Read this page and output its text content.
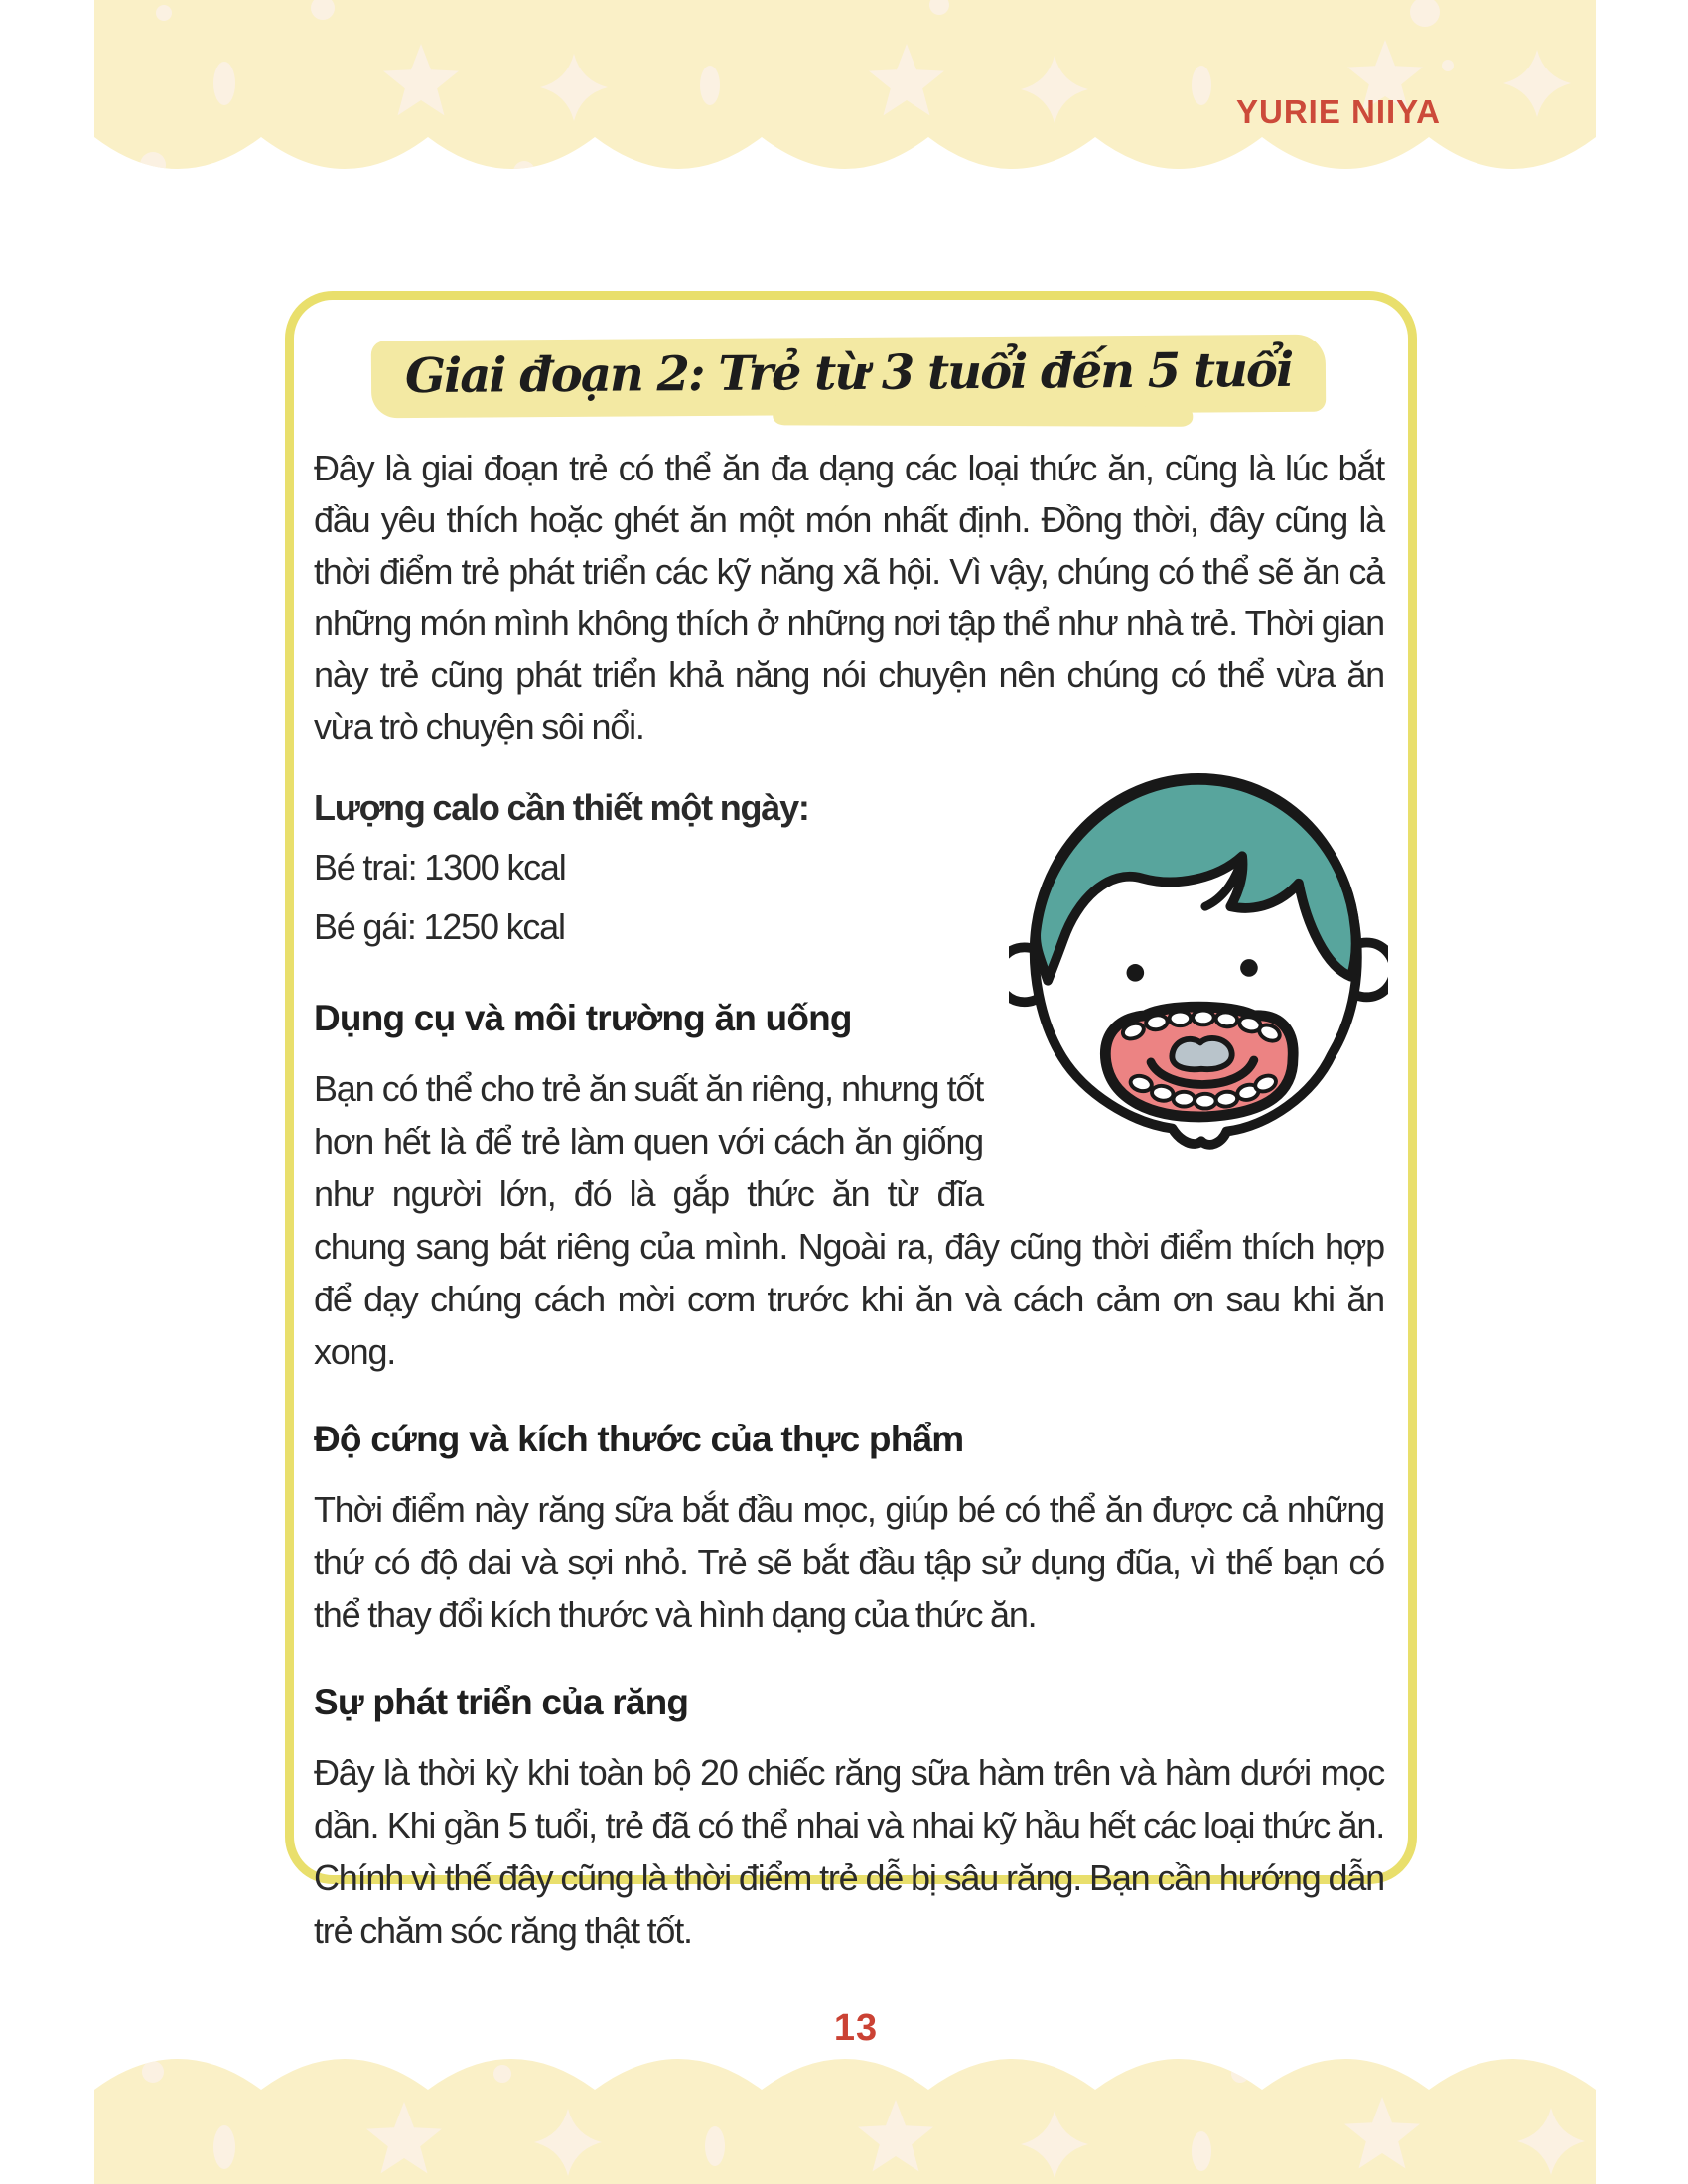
YURIE NIIYA
Giai đoạn 2: Trẻ từ 3 tuổi đến 5 tuổi

Đây là giai đoạn trẻ có thể ăn đa dạng các loại thức ăn, cũng là lúc bắt đầu yêu thích hoặc ghét ăn một món nhất định. Đồng thời, đây cũng là thời điểm trẻ phát triển các kỹ năng xã hội. Vì vậy, chúng có thể sẽ ăn cả những món mình không thích ở những nơi tập thể như nhà trẻ. Thời gian này trẻ cũng phát triển khả năng nói chuyện nên chúng có thể vừa ăn vừa trò chuyện sôi nổi.

Lượng calo cần thiết một ngày:

Bé trai: 1300 kcal

Bé gái: 1250 kcal

Dụng cụ và môi trường ăn uống

Bạn có thể cho trẻ ăn suất ăn riêng, nhưng tốt hơn hết là để trẻ làm quen với cách ăn giống như người lớn, đó là gắp thức ăn từ đĩa chung sang bát riêng của mình. Ngoài ra, đây cũng thời điểm thích hợp để dạy chúng cách mời cơm trước khi ăn và cách cảm ơn sau khi ăn xong.

Độ cứng và kích thước của thực phẩm

Thời điểm này răng sữa bắt đầu mọc, giúp bé có thể ăn được cả những thứ có độ dai và sợi nhỏ. Trẻ sẽ bắt đầu tập sử dụng đũa, vì thế bạn có thể thay đổi kích thước và hình dạng của thức ăn.

Sự phát triển của răng

Đây là thời kỳ khi toàn bộ 20 chiếc răng sữa hàm trên và hàm dưới mọc dần. Khi gần 5 tuổi, trẻ đã có thể nhai và nhai kỹ hầu hết các loại thức ăn. Chính vì thế đây cũng là thời điểm trẻ dễ bị sâu răng. Bạn cần hướng dẫn trẻ chăm sóc răng thật tốt.

13
